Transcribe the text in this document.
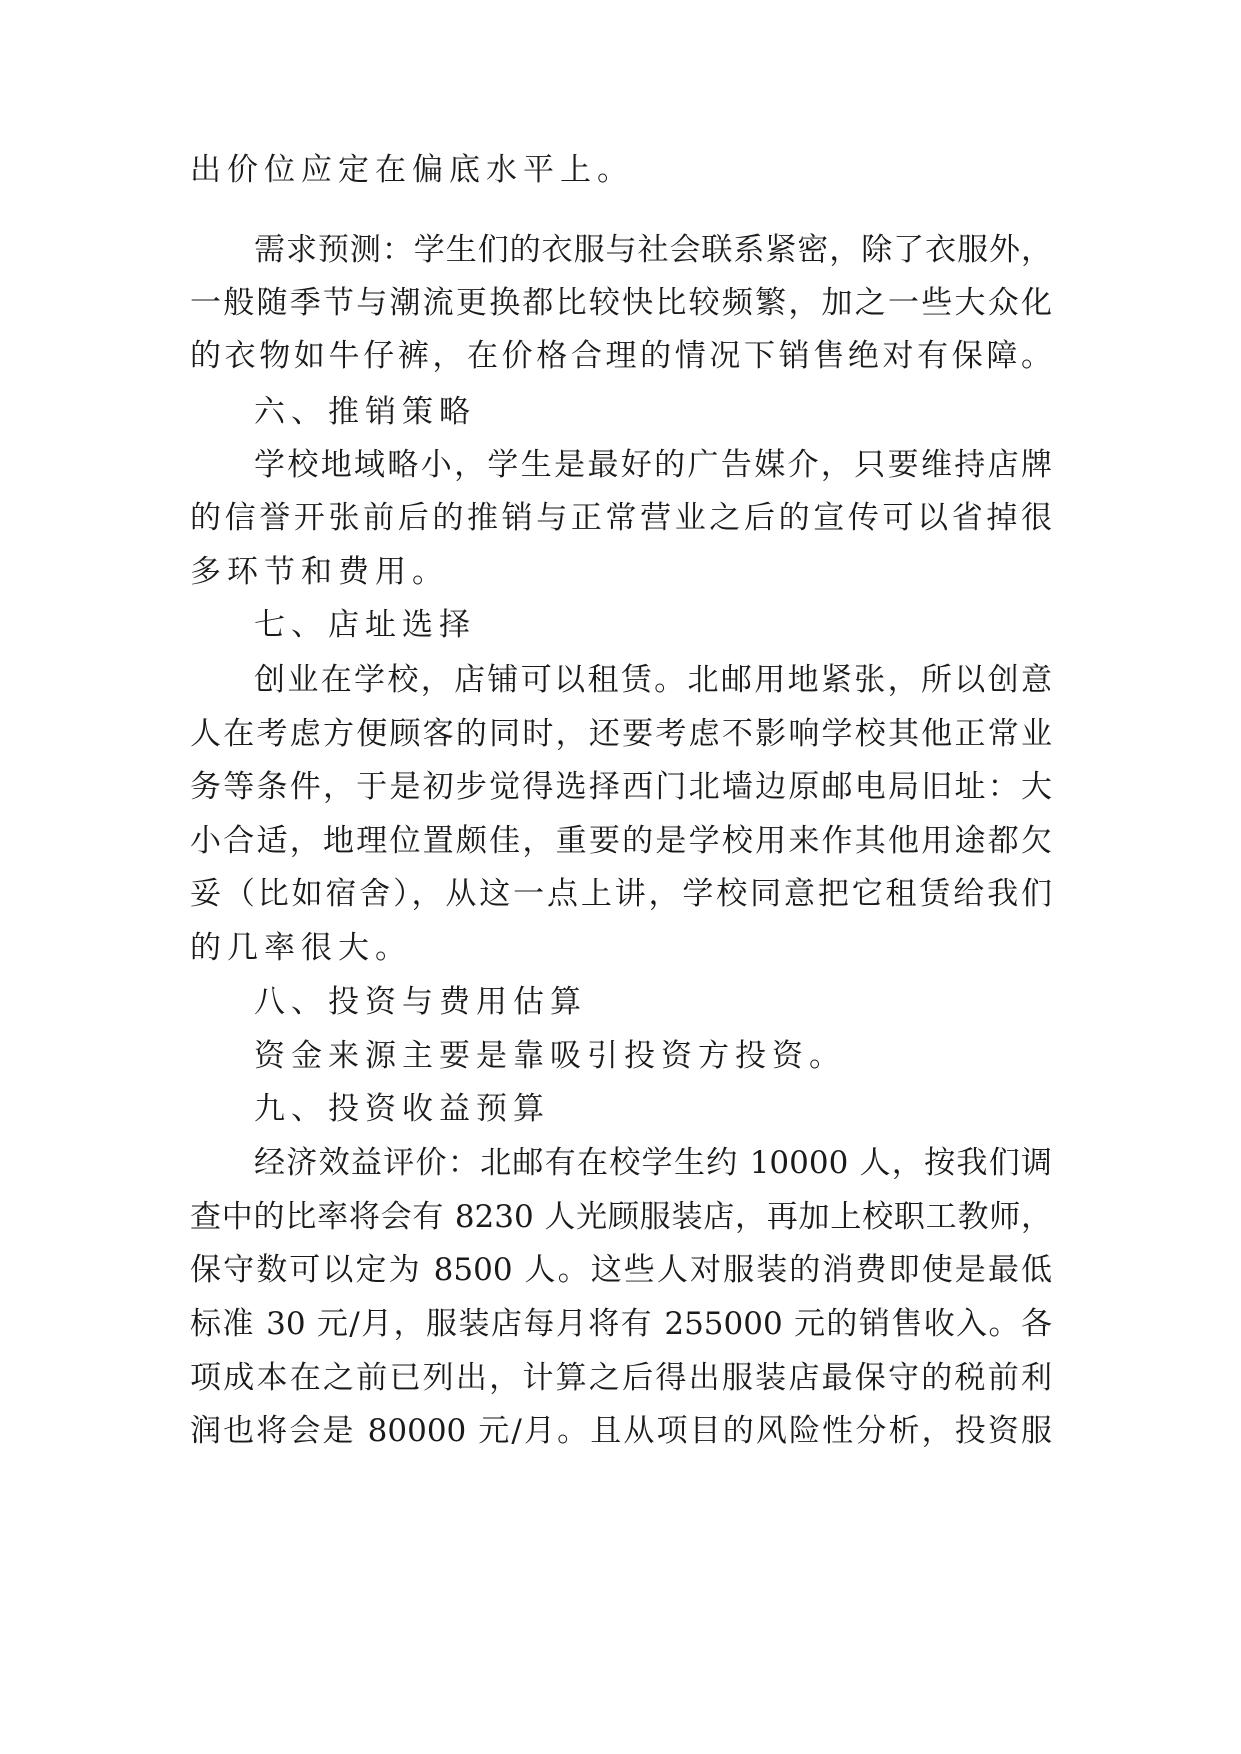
出价位应定在偏底水平上。
需求预测：学生们的衣服与社会联系紧密，除了衣服外，
一般随季节与潮流更换都比较快比较频繁，加之一些大众化
的衣物如牛仔裤，在价格合理的情况下销售绝对有保障。
六、推销策略
学校地域略小，学生是最好的广告媒介，只要维持店牌
的信誉开张前后的推销与正常营业之后的宣传可以省掉很
多环节和费用。
七、店址选择
创业在学校，店铺可以租赁。北邮用地紧张，所以创意
人在考虑方便顾客的同时，还要考虑不影响学校其他正常业
务等条件，于是初步觉得选择西门北墙边原邮电局旧址：大
小合适，地理位置颇佳，重要的是学校用来作其他用途都欠
妥（比如宿舍），从这一点上讲，学校同意把它租赁给我们
的几率很大。
八、投资与费用估算
资金来源主要是靠吸引投资方投资。
九、投资收益预算
经济效益评价：北邮有在校学生约 10000 人，按我们调
查中的比率将会有 8230 人光顾服装店，再加上校职工教师，
保守数可以定为 8500 人。这些人对服装的消费即使是最低
标准 30 元/月，服装店每月将有 255000 元的销售收入。各
项成本在之前已列出，计算之后得出服装店最保守的税前利
润也将会是 80000 元/月。且从项目的风险性分析，投资服
